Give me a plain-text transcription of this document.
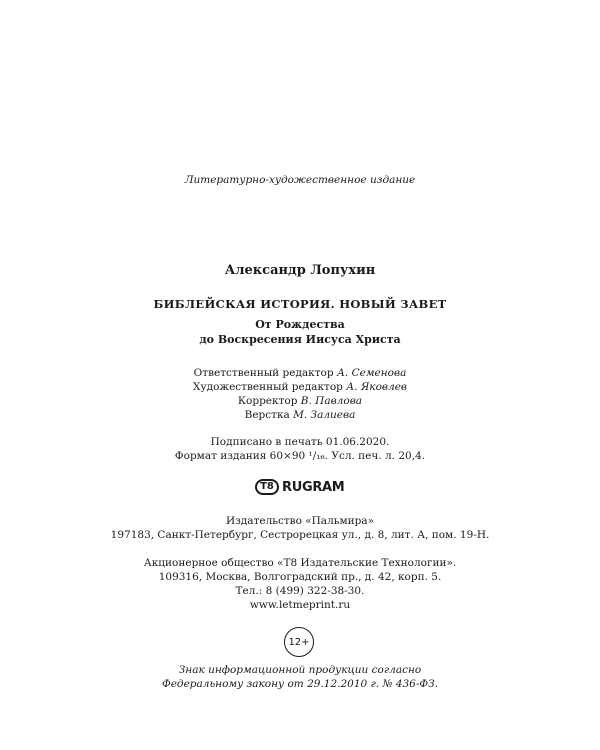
Литературно-художественное издание
Александр Лопухин
БИБЛЕЙСКАЯ ИСТОРИЯ. НОВЫЙ ЗАВЕТ
От Рождества
до Воскресения Иисуса Христа
Ответственный редактор А. Семенова
Художественный редактор А. Яковлев
Корректор В. Павлова
Верстка М. Залиева
Подписано в печать 01.06.2020.
Формат издания 60×90 ¹/₁₆. Усл. печ. л. 20,4.
T8 RUGRAM
Издательство «Пальмира»
197183, Санкт-Петербург, Сестрорецкая ул., д. 8, лит. А, пом. 19-Н.
Акционерное общество «T8 Издательские Технологии».
109316, Москва, Волгоградский пр., д. 42, корп. 5.
Тел.: 8 (499) 322-38-30.
www.letmeprint.ru
12+
Знак информационной продукции согласно
Федеральному закону от 29.12.2010 г. № 436-ФЗ.
